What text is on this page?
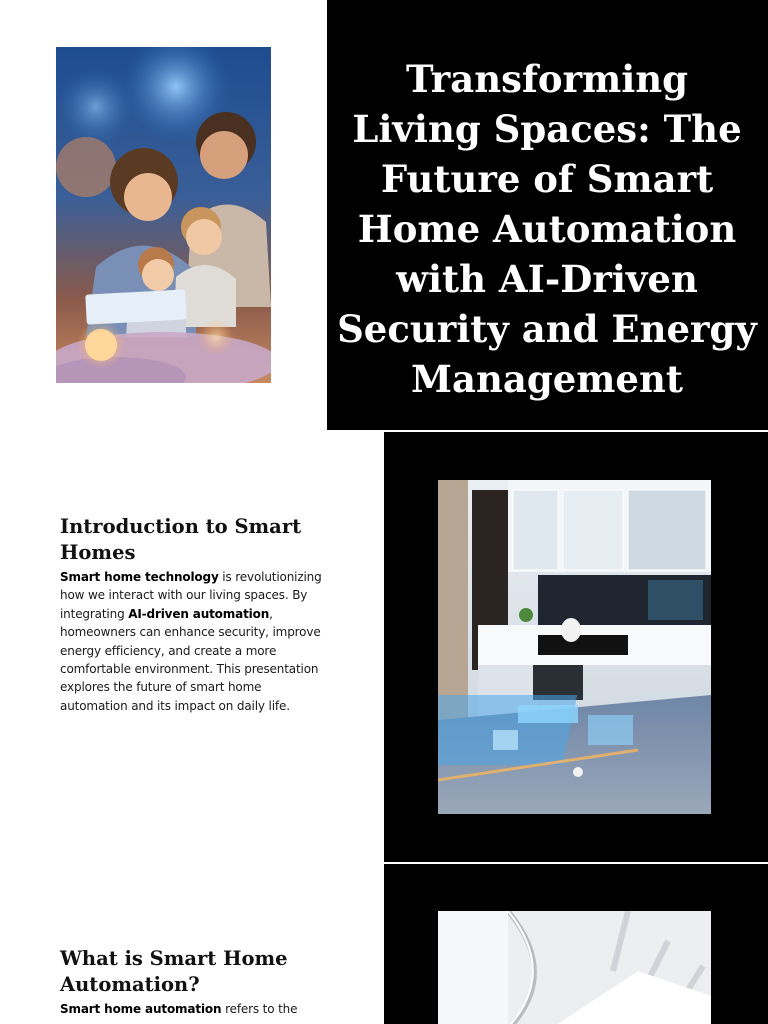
Transforming Living Spaces: The Future of Smart Home Automation with AI-Driven Security and Energy Management
Introduction to Smart Homes

Smart home technology is revolutionizing how we interact with our living spaces. By integrating AI-driven automation, homeowners can enhance security, improve energy efficiency, and create a more comfortable environment. This presentation explores the future of smart home automation and its impact on daily life.

What is Smart Home Automation?

Smart home automation refers to the
